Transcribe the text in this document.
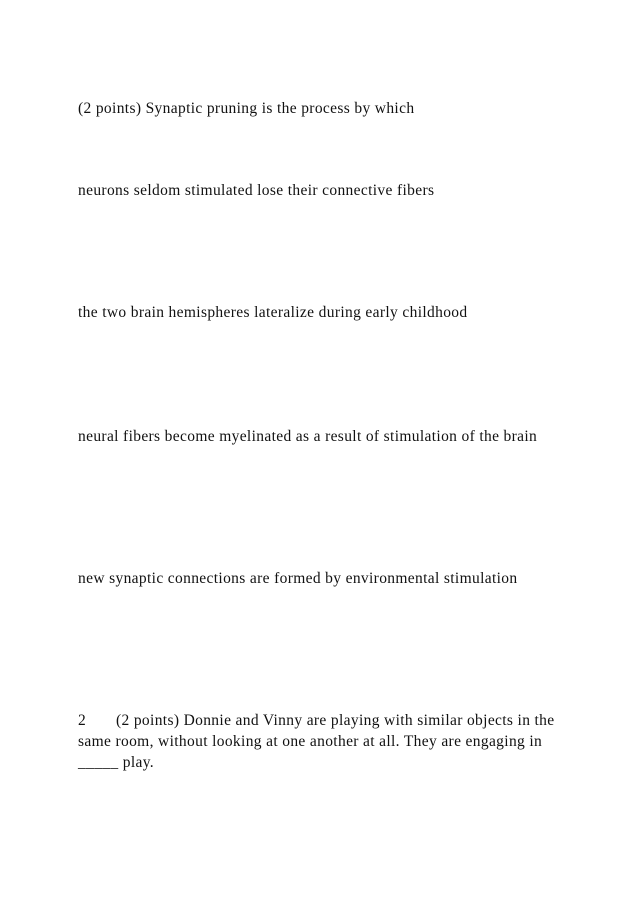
(2 points) Synaptic pruning is the process by which

neurons seldom stimulated lose their connective fibers

the two brain hemispheres lateralize during early childhood

neural fibers become myelinated as a result of stimulation of the brain

new synaptic connections are formed by environmental stimulation

2 (2 points) Donnie and Vinny are playing with similar objects in the same room, without looking at one another at all. They are engaging in _____ play.
